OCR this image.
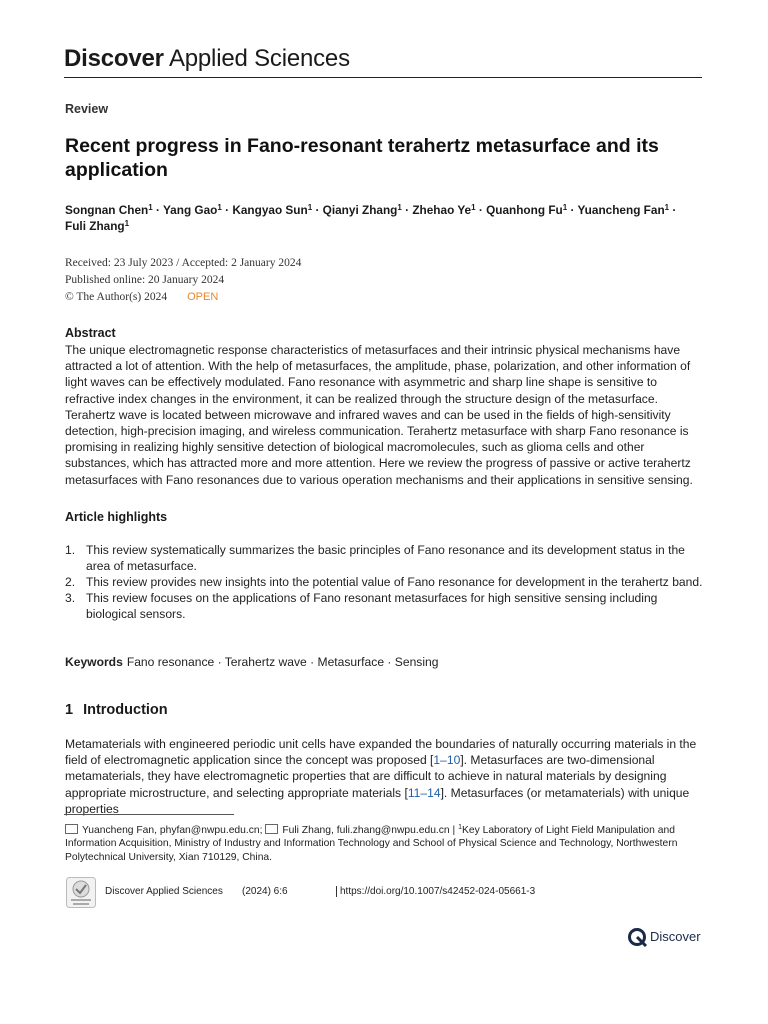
Discover Applied Sciences
Review
Recent progress in Fano-resonant terahertz metasurface and its application
Songnan Chen$^1$ · Yang Gao$^1$ · Kangyao Sun$^1$ · Qianyi Zhang$^1$ · Zhehao $Ye^1$ · Quanhong $Fu^1$ · Yuancheng Fan$^1$ ·
Fuli Zhang$^1$
Received: 23 July 2023 / Accepted: 2 January 2024
Published online: 20 January 2024
© The Author(s) 2024 OPEN
Abstract
The unique electromagnetic response characteristics of metasurfaces and their intrinsic physical mechanisms have attracted a lot of attention. With the help of metasurfaces, the amplitude, phase, polarization, and other information of light waves can be effectively modulated. Fano resonance with asymmetric and sharp line shape is sensitive to refractive index changes in the environment, it can be realized through the structure design of the metasurface. Terahertz wave is located between microwave and infrared waves and can be used in the fields of high-sensitivity detection, high-precision imaging, and wireless communication. Terahertz metasurface with sharp Fano resonance is promising in realizing highly sensitive detection of biological macromolecules, such as glioma cells and other substances, which has attracted more and more attention. Here we review the progress of passive or active terahertz metasurfaces with Fano resonances due to various operation mechanisms and their applications in sensitive sensing.
Article highlights
1. This review systematically summarizes the basic principles of Fano resonance and its development status in the area of metasurface.
2. This review provides new insights into the potential value of Fano resonance for development in the terahertz band.
3. This review focuses on the applications of Fano resonant metasurfaces for high sensitive sensing including biological sensors.
Keywords Fano resonance · Terahertz wave · Metasurface · Sensing
1 Introduction
Metamaterials with engineered periodic unit cells have expanded the boundaries of naturally occurring materials in the field of electromagnetic application since the concept was proposed [1–10]. Metasurfaces are two-dimensional metamaterials, they have electromagnetic properties that are difficult to achieve in natural materials by designing appropriate microstructure, and selecting appropriate materials [11–14]. Metasurfaces (or metamaterials) with unique properties
Yuancheng Fan, phyfan@nwpu.edu.cn; Fuli Zhang, fuli.zhang@nwpu.edu.cn | $^1$Key Laboratory of Light Field Manipulation and Information Acquisition, Ministry of Industry and Information Technology and School of Physical Science and Technology, Northwestern Polytechnical University, Xian 710129, China.
Discover Applied Sciences (2024) 6:6	https://doi.org/10.1007/s42452-024-05661-3
Discover
